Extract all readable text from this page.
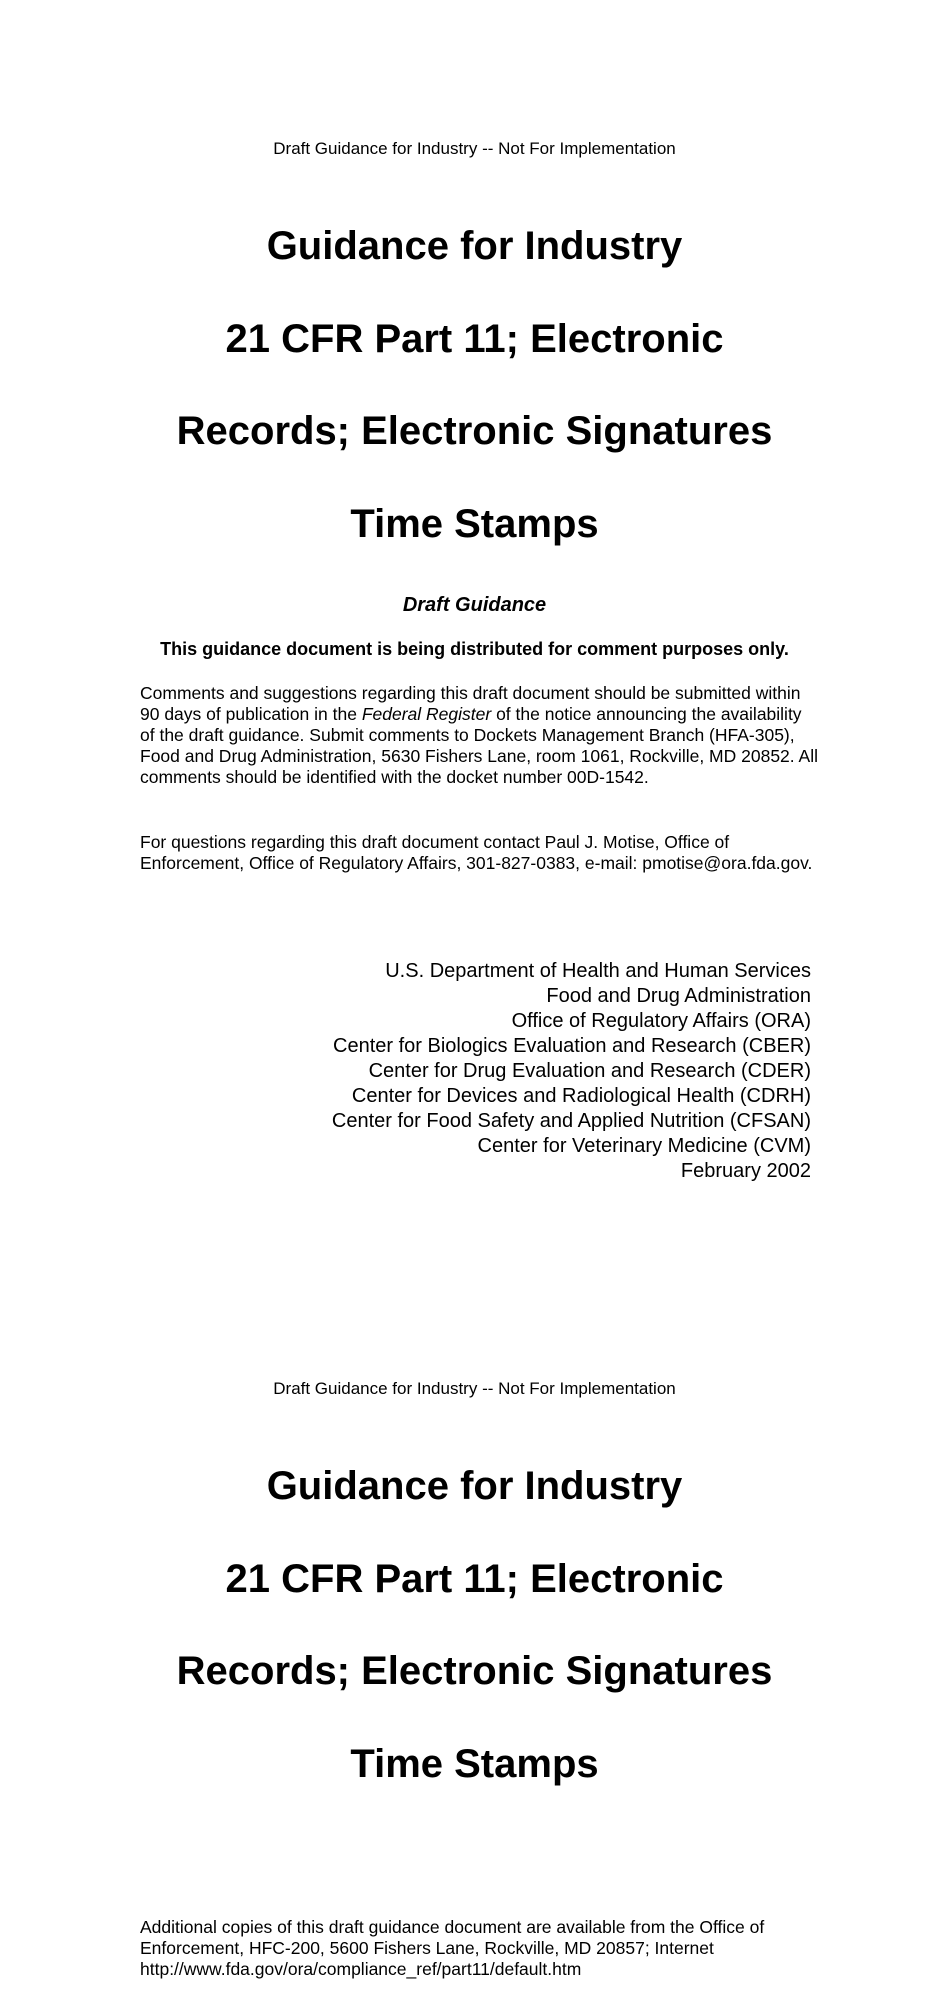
Draft Guidance for Industry -- Not For Implementation
Guidance for Industry
21 CFR Part 11; Electronic
Records; Electronic Signatures
Time Stamps
Draft Guidance
This guidance document is being distributed for comment purposes only.
Comments and suggestions regarding this draft document should be submitted within 90 days of publication in the Federal Register of the notice announcing the availability of the draft guidance. Submit comments to Dockets Management Branch (HFA-305), Food and Drug Administration, 5630 Fishers Lane, room 1061, Rockville, MD 20852. All comments should be identified with the docket number 00D-1542.
For questions regarding this draft document contact Paul J. Motise, Office of Enforcement, Office of Regulatory Affairs, 301-827-0383, e-mail: pmotise@ora.fda.gov.
U.S. Department of Health and Human Services
Food and Drug Administration
Office of Regulatory Affairs (ORA)
Center for Biologics Evaluation and Research (CBER)
Center for Drug Evaluation and Research (CDER)
Center for Devices and Radiological Health (CDRH)
Center for Food Safety and Applied Nutrition (CFSAN)
Center for Veterinary Medicine (CVM)
February 2002
Draft Guidance for Industry -- Not For Implementation
Guidance for Industry
21 CFR Part 11; Electronic
Records; Electronic Signatures
Time Stamps
Additional copies of this draft guidance document are available from the Office of Enforcement, HFC-200, 5600 Fishers Lane, Rockville, MD 20857; Internet http://www.fda.gov/ora/compliance_ref/part11/default.htm
